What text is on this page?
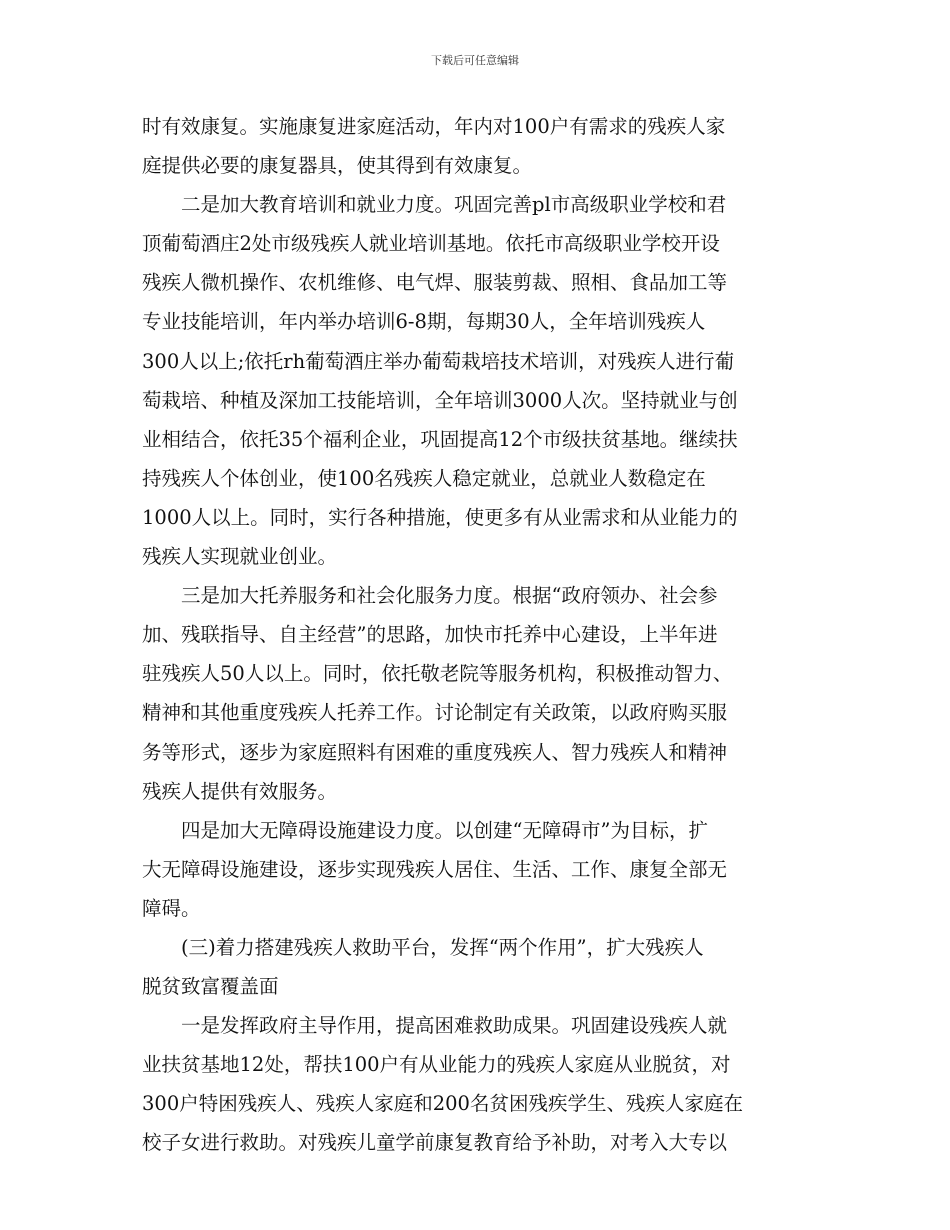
下载后可任意编辑
时有效康复。实施康复进家庭活动，年内对100户有需求的残疾人家
庭提供必要的康复器具，使其得到有效康复。
　　二是加大教育培训和就业力度。巩固完善pl市高级职业学校和君
顶葡萄酒庄2处市级残疾人就业培训基地。依托市高级职业学校开设
残疾人微机操作、农机维修、电气焊、服装剪裁、照相、食品加工等
专业技能培训，年内举办培训6-8期，每期30人，全年培训残疾人
300人以上;依托rh葡萄酒庄举办葡萄栽培技术培训，对残疾人进行葡
萄栽培、种植及深加工技能培训，全年培训3000人次。坚持就业与创
业相结合，依托35个福利企业，巩固提高12个市级扶贫基地。继续扶
持残疾人个体创业，使100名残疾人稳定就业，总就业人数稳定在
1000人以上。同时，实行各种措施，使更多有从业需求和从业能力的
残疾人实现就业创业。
　　三是加大托养服务和社会化服务力度。根据“政府领办、社会参
加、残联指导、自主经营”的思路，加快市托养中心建设，上半年进
驻残疾人50人以上。同时，依托敬老院等服务机构，积极推动智力、
精神和其他重度残疾人托养工作。讨论制定有关政策，以政府购买服
务等形式，逐步为家庭照料有困难的重度残疾人、智力残疾人和精神
残疾人提供有效服务。
　　四是加大无障碍设施建设力度。以创建“无障碍市”为目标，扩
大无障碍设施建设，逐步实现残疾人居住、生活、工作、康复全部无
障碍。
　　(三)着力搭建残疾人救助平台，发挥“两个作用”，扩大残疾人
脱贫致富覆盖面
　　一是发挥政府主导作用，提高困难救助成果。巩固建设残疾人就
业扶贫基地12处，帮扶100户有从业能力的残疾人家庭从业脱贫，对
300户特困残疾人、残疾人家庭和200名贫困残疾学生、残疾人家庭在
校子女进行救助。对残疾儿童学前康复教育给予补助，对考入大专以
